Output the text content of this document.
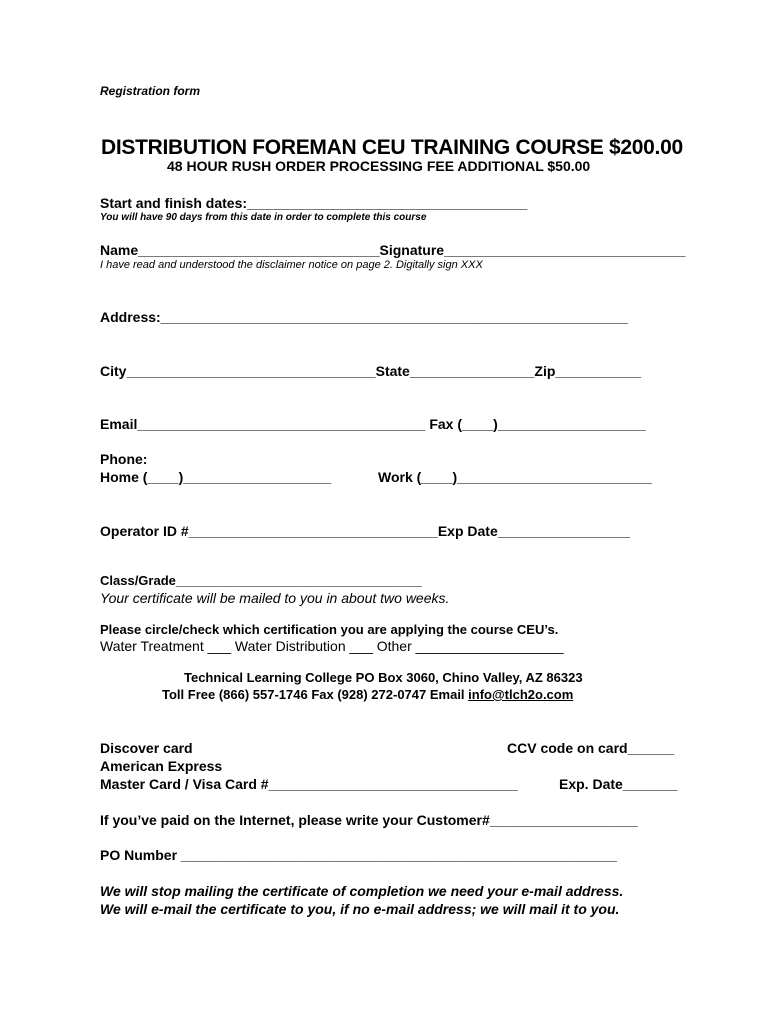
Registration form
DISTRIBUTION FOREMAN CEU TRAINING COURSE $200.00
48 HOUR RUSH ORDER PROCESSING FEE ADDITIONAL $50.00
Start and finish dates:____________________________________
You will have 90 days from this date in order to complete this course
Name_______________________________Signature_______________________________
I have read and understood the disclaimer notice on page 2. Digitally sign XXX
Address:____________________________________________________________
City________________________________State________________Zip___________
Email_____________________________________ Fax (____)___________________
Phone:
Home (____)___________________	Work (____)_________________________
Operator ID #________________________________Exp Date_________________
Class/Grade__________________________________
Your certificate will be mailed to you in about two weeks.
Please circle/check which certification you are applying the course CEU’s.
Water Treatment ___ Water Distribution ___ Other ___________________
Technical Learning College PO Box 3060, Chino Valley, AZ 86323
Toll Free (866) 557-1746 Fax (928) 272-0747 Email info@tlch2o.com
Discover card	CCV code on card______
American Express
Master Card / Visa Card #________________________________	Exp. Date_______
If you’ve paid on the Internet, please write your Customer#___________________
PO Number ________________________________________________________
We will stop mailing the certificate of completion we need your e-mail address.
We will e-mail the certificate to you, if no e-mail address; we will mail it to you.
